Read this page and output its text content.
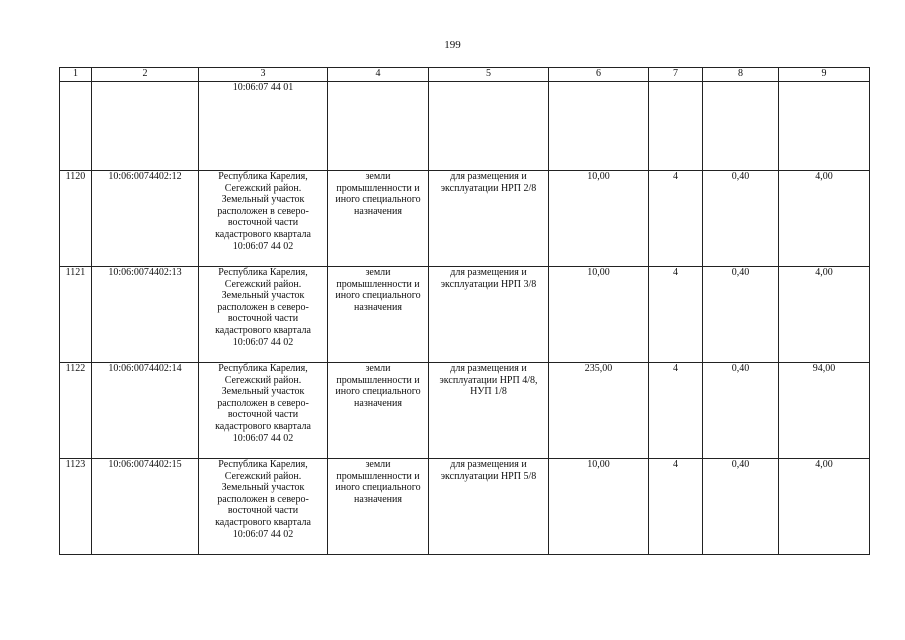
199
1	2	3	4	5	6	7	8	9
		10:06:07 44 01						
1120	10:06:0074402:12	Республика Карелия, Сегежский район. Земельный участок расположен в северо-восточной части кадастрового квартала 10:06:07 44 02	земли промышленности и иного специального назначения	для размещения и эксплуатации НРП 2/8	10,00	4	0,40	4,00
1121	10:06:0074402:13	Республика Карелия, Сегежский район. Земельный участок расположен в северо-восточной части кадастрового квартала 10:06:07 44 02	земли промышленности и иного специального назначения	для размещения и эксплуатации НРП 3/8	10,00	4	0,40	4,00
1122	10:06:0074402:14	Республика Карелия, Сегежский район. Земельный участок расположен в северо-восточной части кадастрового квартала 10:06:07 44 02	земли промышленности и иного специального назначения	для размещения и эксплуатации НРП 4/8, НУП 1/8	235,00	4	0,40	94,00
1123	10:06:0074402:15	Республика Карелия, Сегежский район. Земельный участок расположен в северо-восточной части кадастрового квартала 10:06:07 44 02	земли промышленности и иного специального назначения	для размещения и эксплуатации НРП 5/8	10,00	4	0,40	4,00
